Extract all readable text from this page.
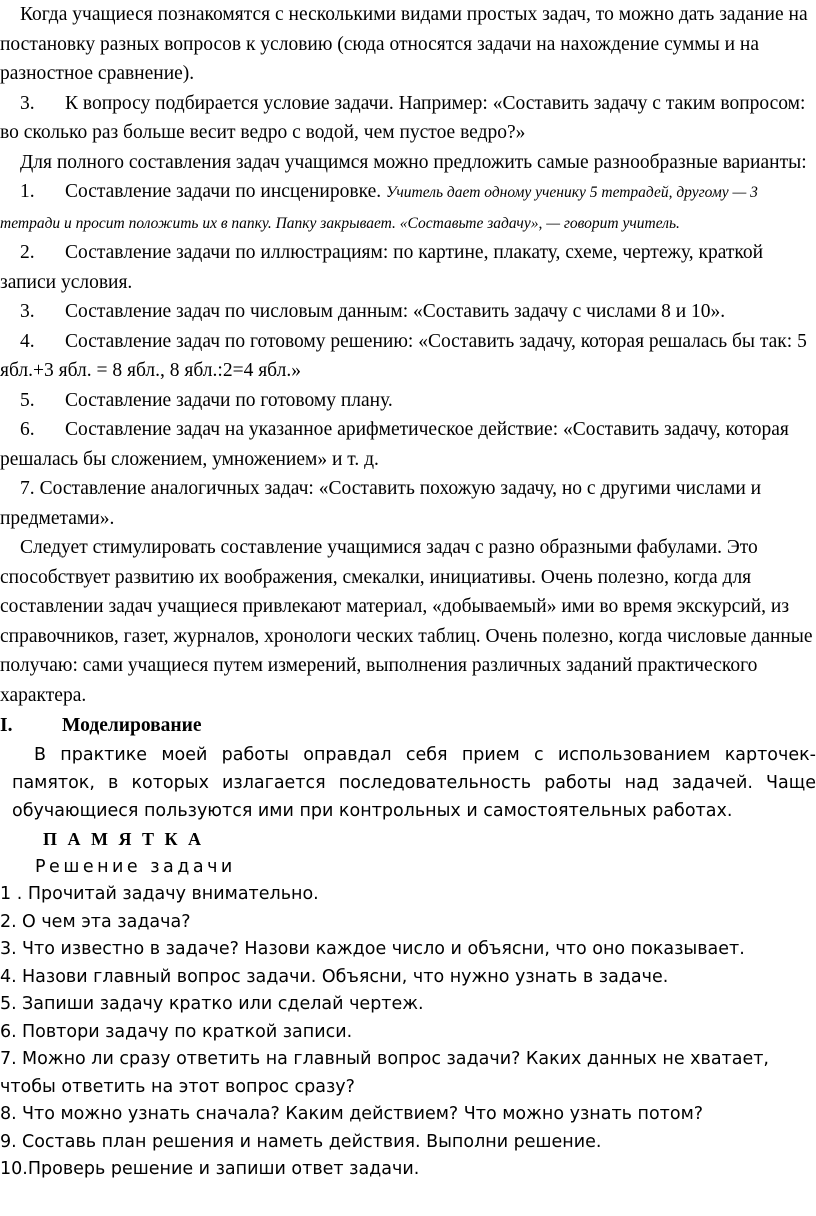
Когда учащиеся познакомятся с несколькими видами простых задач, то можно дать задание на постановку разных вопросов к условию (сюда относятся задачи на нахождение суммы и на разностное сравнение).

3. К вопросу подбирается условие задачи. Например: «Составить задачу с таким вопросом: во сколько раз больше весит ведро с водой, чем пустое ведро?»

Для полного составления задач учащимся можно предложить самые разнообразные варианты:

1. Составление задачи по инсценировке. Учитель дает одному ученику 5 тетрадей, другому — 3 тетради и просит положить их в папку. Папку закрывает. «Составьте задачу», — говорит учитель.

2. Составление задачи по иллюстрациям: по картине, плакату, схеме, чертежу, краткой записи условия.

3. Составление задач по числовым данным: «Составить задачу с числами 8 и 10».

4. Составление задач по готовому решению: «Составить задачу, которая решалась бы так: 5 ябл.+3 ябл. = 8 ябл., 8 ябл.:2=4 ябл.»

5. Составление задачи по готовому плану.

6. Составление задач на указанное арифметическое действие: «Составить задачу, которая решалась бы сложением, умножением» и т. д.

7. Составление аналогичных задач: «Составить похожую задачу, но с другими числами и предметами».

Следует стимулировать составление учащимися задач с разно образными фабулами. Это способствует развитию их воображения, смекалки, инициативы. Очень полезно, когда для составлении задач учащиеся привлекают материал, «добываемый» ими во время экскурсий, из справочников, газет, журналов, хронологи ческих таблиц. Очень полезно, когда числовые данные получаю: сами учащиеся путем измерений, выполнения различных заданий практического характера.

I.	Моделирование

В практике моей работы оправдал себя прием с использованием карточек-памяток, в которых излагается последовательность работы над задачей. Чаще обучающиеся пользуются ими при контрольных и самостоятельных работах.

П А М Я Т К А

Решение задачи

1 . Прочитай задачу внимательно.

2. О чем эта задача?

3. Что известно в задаче? Назови каждое число и объясни, что оно показывает.

4. Назови главный вопрос задачи. Объясни, что нужно узнать в задаче.

5. Запиши задачу кратко или сделай чертеж.

6. Повтори задачу по краткой записи.

7. Можно ли сразу ответить на главный вопрос задачи? Каких данных не хватает, чтобы ответить на этот вопрос сразу?

8. Что можно узнать сначала? Каким действием? Что можно узнать потом?

9. Составь план решения и наметь действия. Выполни решение.

10.Проверь решение и запиши ответ задачи.
